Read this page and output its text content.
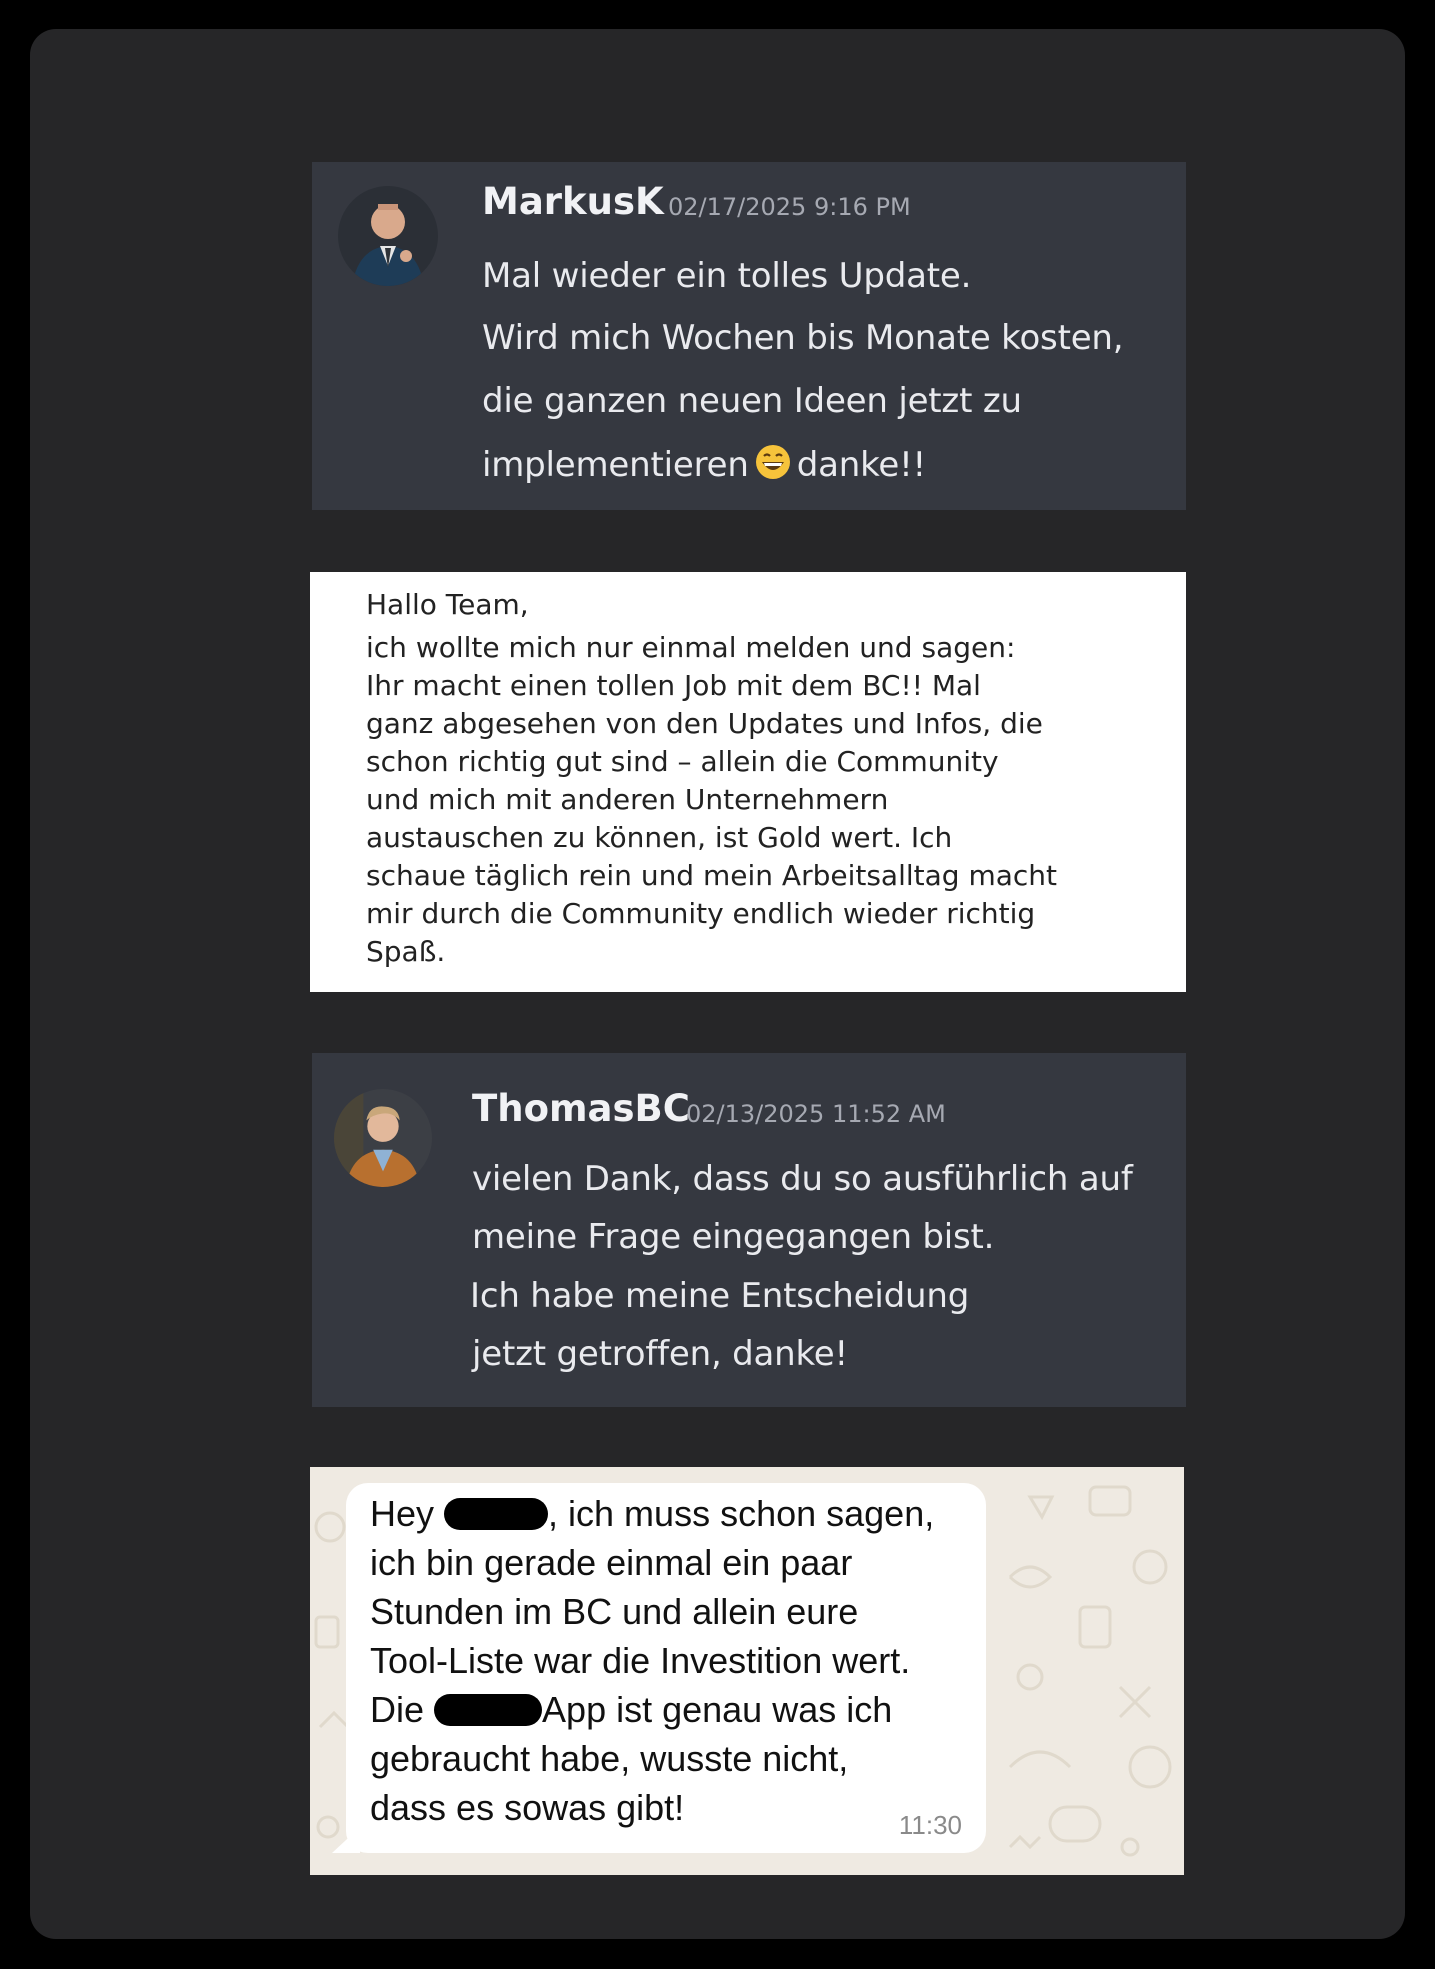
MarkusK 02/17/2025 9:16 PM
Mal wieder ein tolles Update.
Wird mich Wochen bis Monate kosten,
die ganzen neuen Ideen jetzt zu
implementieren danke!!
Hallo Team,
ich wollte mich nur einmal melden und sagen:
Ihr macht einen tollen Job mit dem BC!! Mal
ganz abgesehen von den Updates und Infos, die
schon richtig gut sind – allein die Community
und mich mit anderen Unternehmern
austauschen zu können, ist Gold wert. Ich
schaue täglich rein und mein Arbeitsalltag macht
mir durch die Community endlich wieder richtig
Spaß.
ThomasBC
02/13/2025 11:52 AM
vielen Dank, dass du so ausführlich auf
meine Frage eingegangen bist.
Ich habe meine Entscheidung
jetzt getroffen, danke!
Hey	, ich muss schon sagen,
ich bin gerade einmal ein paar
Stunden im BC und allein eure
Tool-Liste war die Investition wert.
Die	App ist genau was ich
gebraucht habe, wusste nicht,
dass es sowas gibt!	11:30
